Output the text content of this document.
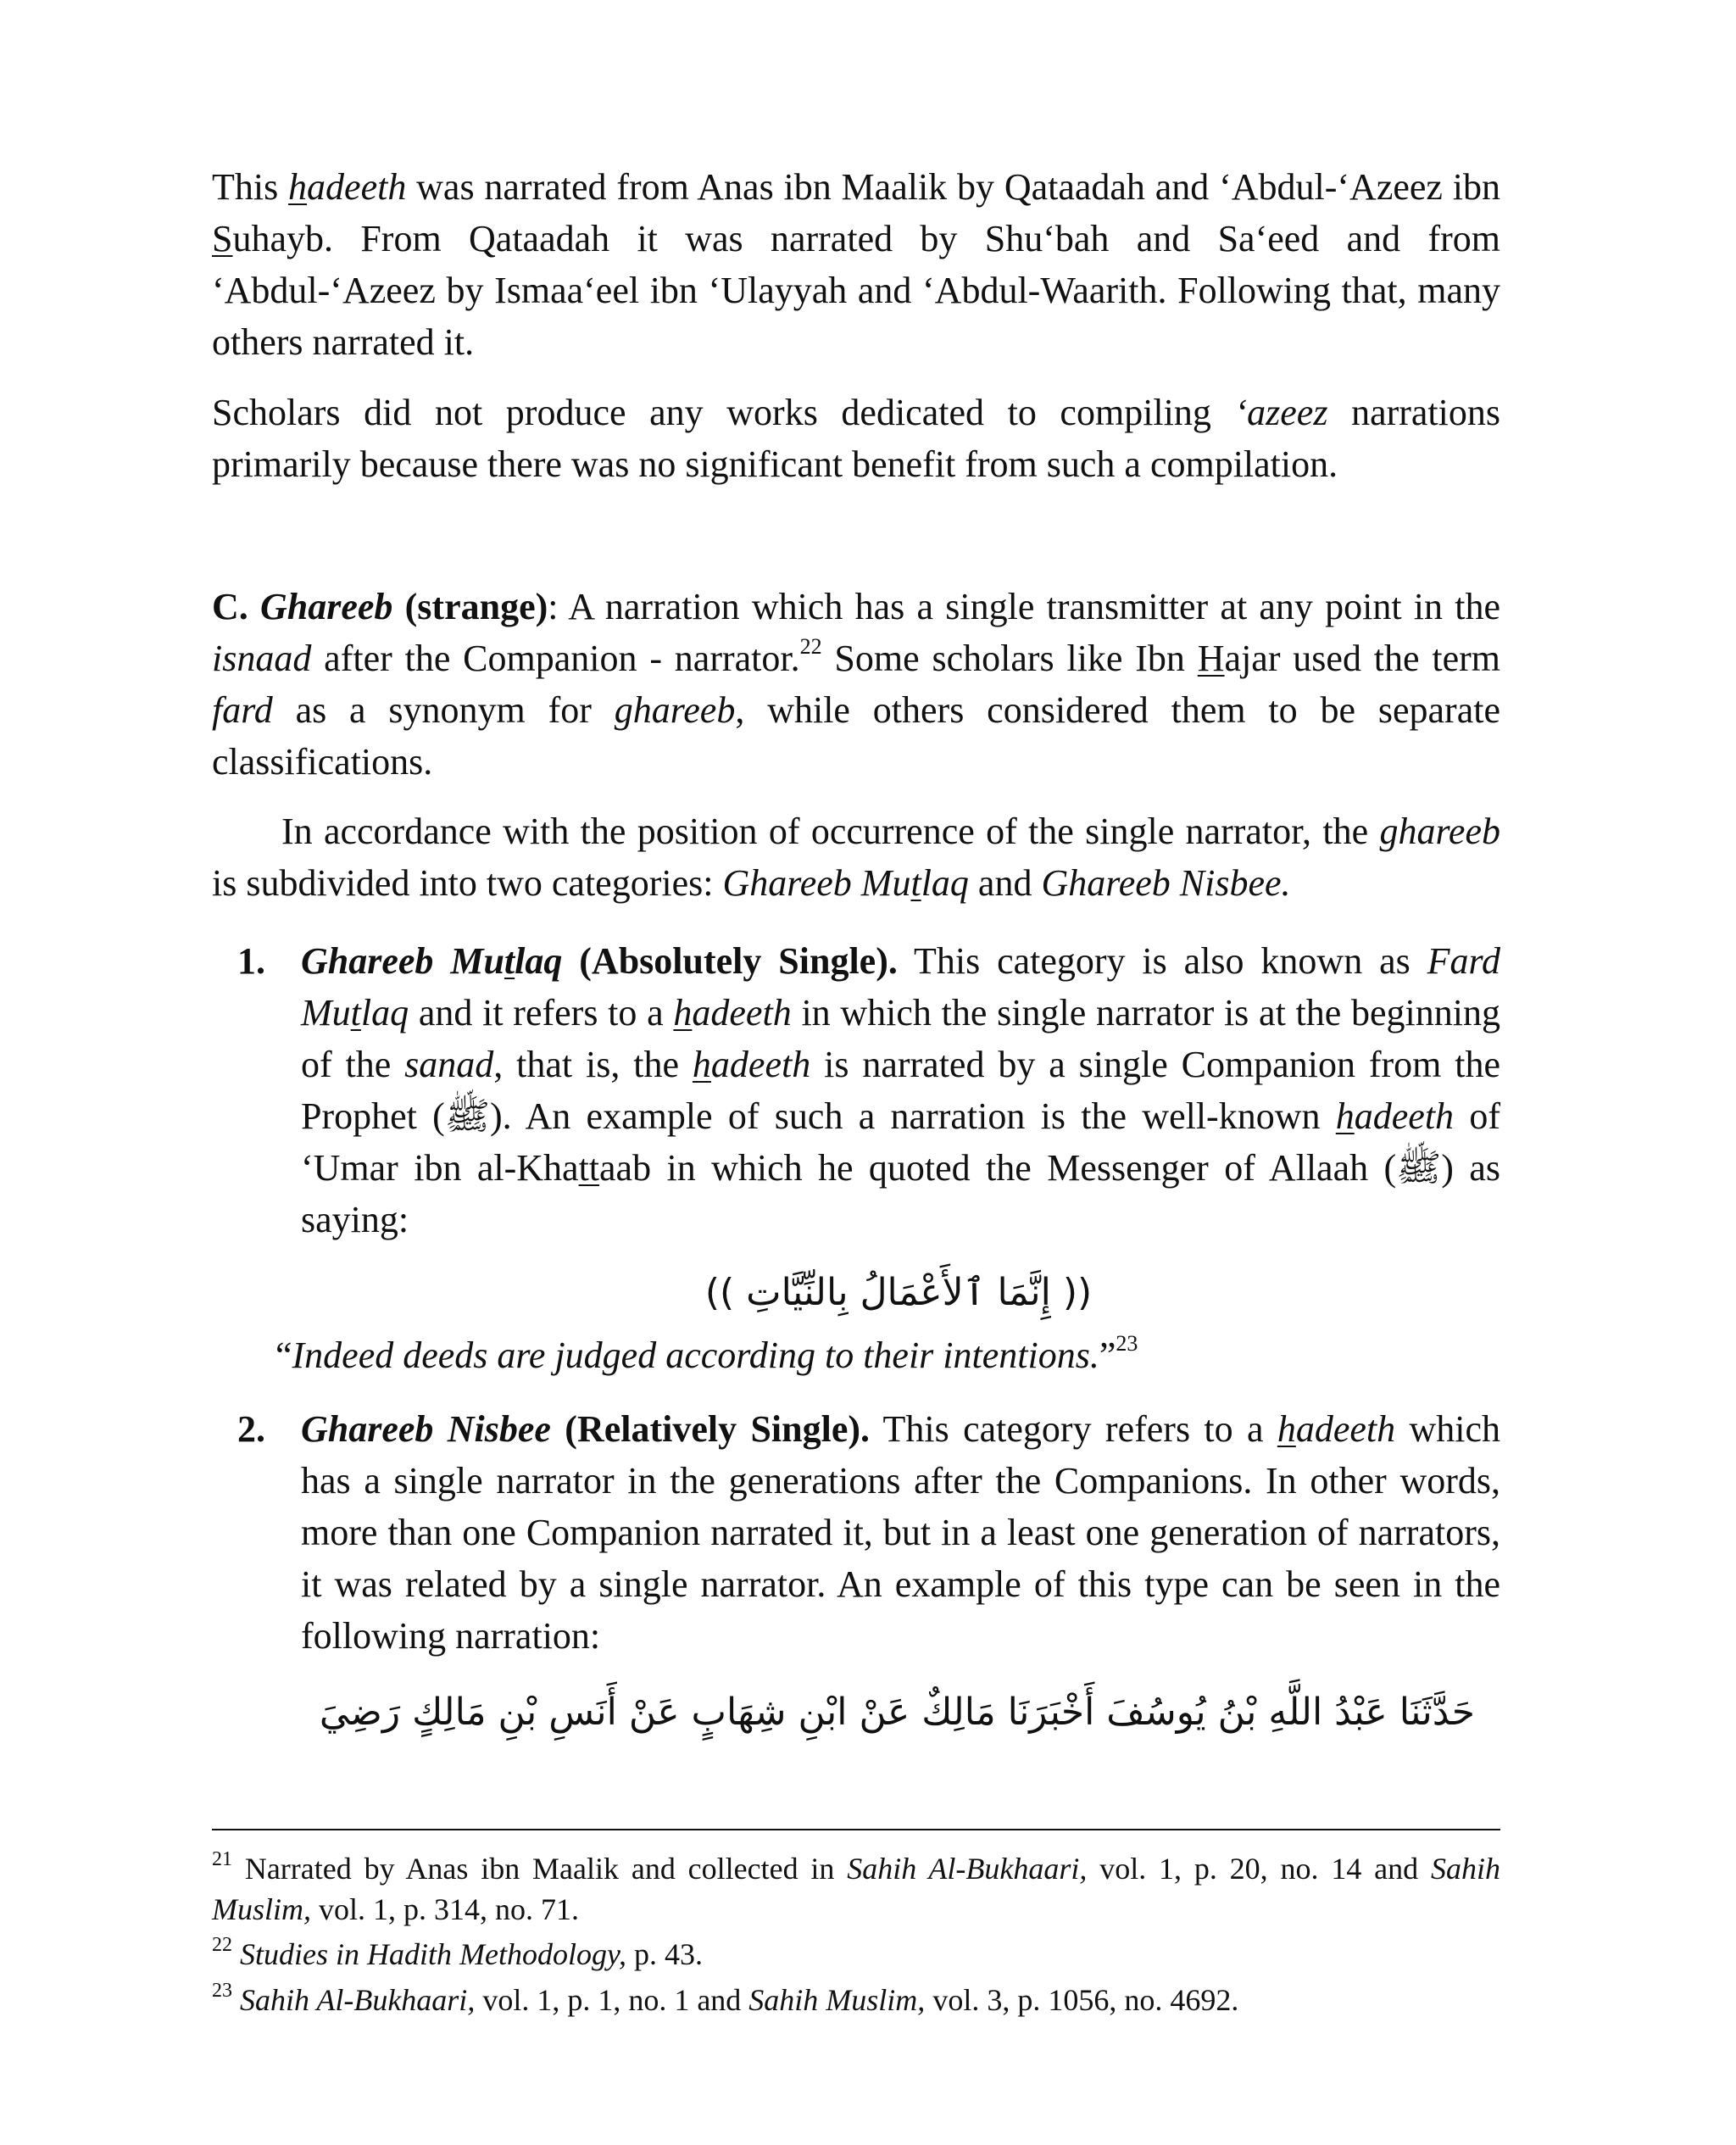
This hadeeth was narrated from Anas ibn Maalik by Qataadah and ‘Abdul-‘Azeez ibn Suhayb. From Qataadah it was narrated by Shu‘bah and Sa‘eed and from ‘Abdul-‘Azeez by Ismaa‘eel ibn ‘Ulayyah and ‘Abdul-Waarith. Following that, many others narrated it.

Scholars did not produce any works dedicated to compiling ‘azeez narrations primarily because there was no significant benefit from such a compilation.

C. Ghareeb (strange): A narration which has a single transmitter at any point in the isnaad after the Companion - narrator.$^{22}$ Some scholars like Ibn Hajar used the term fard as a synonym for ghareeb, while others considered them to be separate classifications.

In accordance with the position of occurrence of the single narrator, the ghareeb is subdivided into two categories: Ghareeb Mutlaq and Ghareeb Nisbee.

1. Ghareeb Mutlaq (Absolutely Single). This category is also known as Fard Mutlaq and it refers to a hadeeth in which the single narrator is at the beginning of the sanad, that is, the hadeeth is narrated by a single Companion from the Prophet (ﷺ). An example of such a narration is the well-known hadeeth of ‘Umar ibn al-Khattaab in which he quoted the Messenger of Allaah (ﷺ) as saying:

(( إِنَّمَا ٱلأَعْمَالُ بِالنِّيَّاتِ ))
“Indeed deeds are judged according to their intentions.”$^{23}$
2. Ghareeb Nisbee (Relatively Single). This category refers to a hadeeth which has a single narrator in the generations after the Companions. In other words, more than one Companion narrated it, but in a least one generation of narrators, it was related by a single narrator. An example of this type can be seen in the following narration:

حَدَّثَنَا عَبْدُ اللَّهِ بْنُ يُوسُفَ أَخْبَرَنَا مَالِكٌ عَنْ ابْنِ شِهَابٍ عَنْ أَنَسِ بْنِ مَالِكٍ رَضِيَ

$^{21}$ Narrated by Anas ibn Maalik and collected in Sahih Al-Bukhaari, vol. 1, p. 20, no. 14 and Sahih Muslim, vol. 1, p. 314, no. 71.

$^{22}$ Studies in Hadith Methodology, p. 43.

$^{23}$ Sahih Al-Bukhaari, vol. 1, p. 1, no. 1 and Sahih Muslim, vol. 3, p. 1056, no. 4692.
